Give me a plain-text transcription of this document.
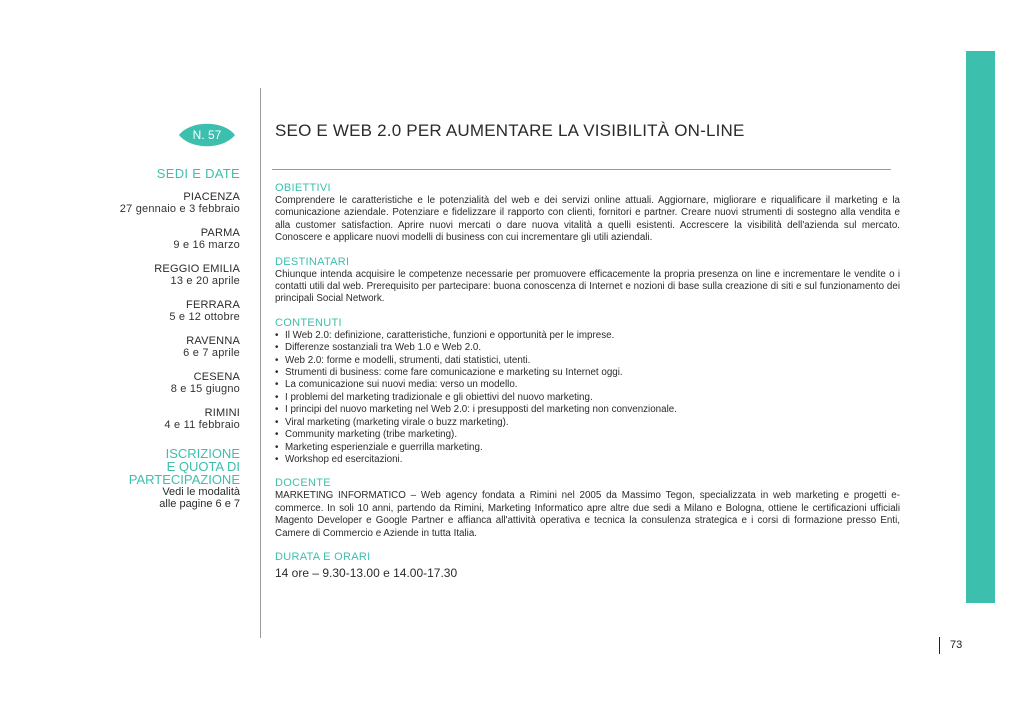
N. 57	SEO E WEB 2.0 PER AUMENTARE LA VISIBILITÀ ON-LINE
SEDI E DATE
PIACENZA
27 gennaio e 3 febbraio
PARMA
9 e 16 marzo
REGGIO EMILIA
13 e 20 aprile
FERRARA
5 e 12 ottobre
RAVENNA
6 e 7 aprile
CESENA
8 e 15 giugno
RIMINI
4 e 11 febbraio
ISCRIZIONE
E QUOTA DI
PARTECIPAZIONE
Vedi le modalità
alle pagine 6 e 7
OBIETTIVI
Comprendere le caratteristiche e le potenzialità del web e dei servizi online attuali. Aggiornare, migliorare e riqualificare il marketing e la comunicazione aziendale. Potenziare e fidelizzare il rapporto con clienti, fornitori e partner. Creare nuovi strumenti di sostegno alla vendita e alla customer satisfaction. Aprire nuovi mercati o dare nuova vitalità a quelli esistenti. Accrescere la visibilità dell'azienda sul mercato. Conoscere e applicare nuovi modelli di business con cui incrementare gli utili aziendali.
DESTINATARI
Chiunque intenda acquisire le competenze necessarie per promuovere efficacemente la propria presenza on line e incrementare le vendite o i contatti utili dal web. Prerequisito per partecipare: buona conoscenza di Internet e nozioni di base sulla creazione di siti e sul funzionamento dei principali Social Network.
CONTENUTI
• Il Web 2.0: definizione, caratteristiche, funzioni e opportunità per le imprese.
• Differenze sostanziali tra Web 1.0 e Web 2.0.
• Web 2.0: forme e modelli, strumenti, dati statistici, utenti.
• Strumenti di business: come fare comunicazione e marketing su Internet oggi.
• La comunicazione sui nuovi media: verso un modello.
• I problemi del marketing tradizionale e gli obiettivi del nuovo marketing.
• I principi del nuovo marketing nel Web 2.0: i presupposti del marketing non convenzionale.
• Viral marketing (marketing virale o buzz marketing).
• Community marketing (tribe marketing).
• Marketing esperienziale e guerrilla marketing.
• Workshop ed esercitazioni.
DOCENTE
MARKETING INFORMATICO – Web agency fondata a Rimini nel 2005 da Massimo Tegon, specializzata in web marketing e progetti e-commerce. In soli 10 anni, partendo da Rimini, Marketing Informatico apre altre due sedi a Milano e Bologna, ottiene le certificazioni ufficiali Magento Developer e Google Partner e affianca all'attività operativa e tecnica la consulenza strategica e i corsi di formazione presso Enti, Camere di Commercio e Aziende in tutta Italia.
DURATA E ORARI
14 ore – 9.30-13.00 e 14.00-17.30
73
